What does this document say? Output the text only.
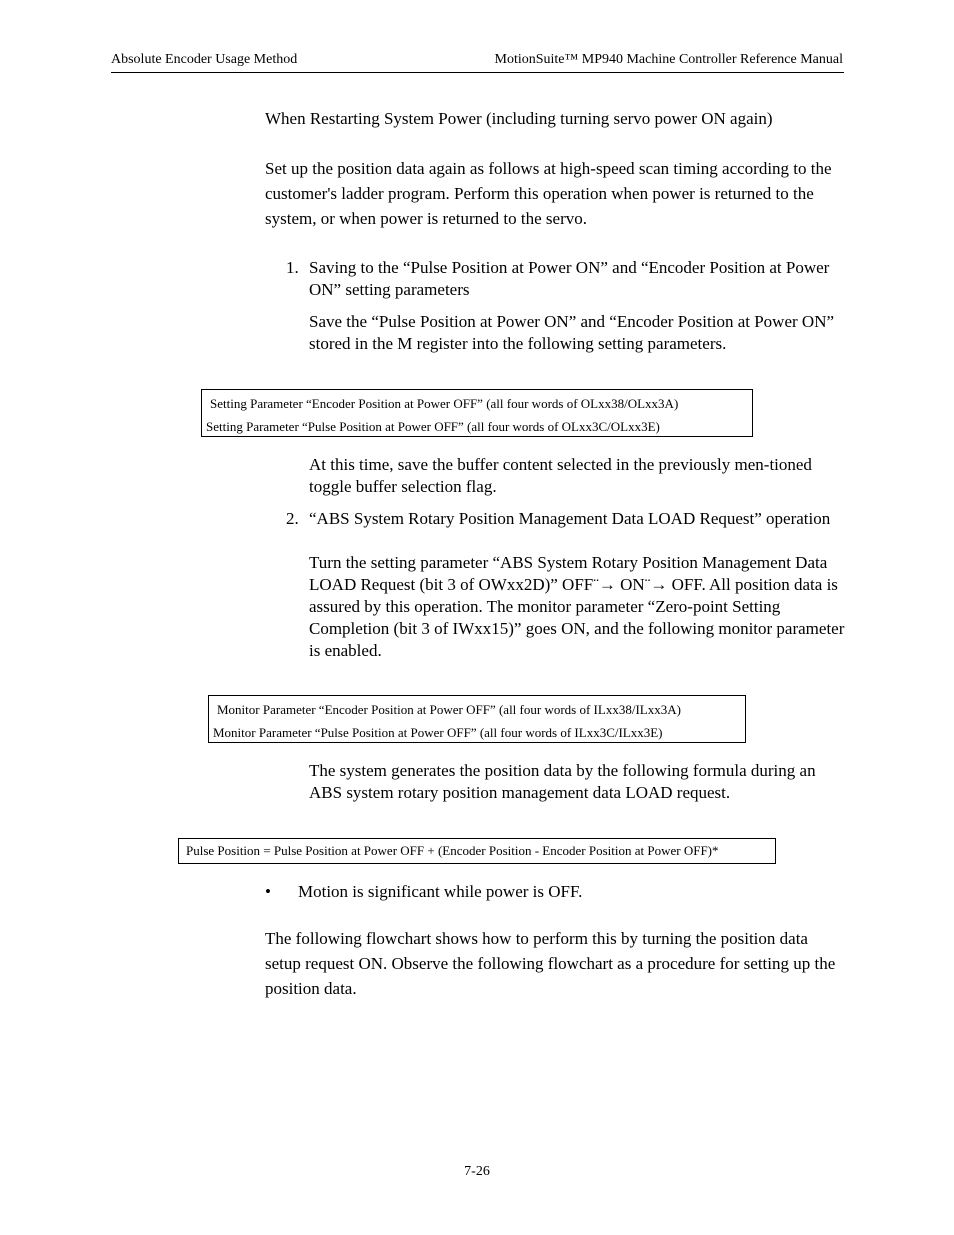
Absolute Encoder Usage Method	MotionSuite™ MP940 Machine Controller Reference Manual
When Restarting System Power (including turning servo power ON again)
Set up the position data again as follows at high-speed scan timing according to the customer's ladder program. Perform this operation when power is returned to the system, or when power is returned to the servo.
1. Saving to the “Pulse Position at Power ON” and “Encoder Position at Power ON” setting parameters
Save the “Pulse Position at Power ON” and “Encoder Position at Power ON” stored in the M register into the following setting parameters.
Setting Parameter “Encoder Position at Power OFF” (all four words of OLxx38/OLxx3A)
Setting Parameter “Pulse Position at Power OFF” (all four words of OLxx3C/OLxx3E)
At this time, save the buffer content selected in the previously men-tioned toggle buffer selection flag.
2. “ABS System Rotary Position Management Data LOAD Request” operation
Turn the setting parameter “ABS System Rotary Position Management Data LOAD Request (bit 3 of OWxx2D)” OFF¨→ ON¨→ OFF. All position data is assured by this operation. The monitor parameter “Zero-point Setting Completion (bit 3 of IWxx15)” goes ON, and the following monitor parameter is enabled.
Monitor Parameter “Encoder Position at Power OFF” (all four words of ILxx38/ILxx3A)
Monitor Parameter “Pulse Position at Power OFF” (all four words of ILxx3C/ILxx3E)
The system generates the position data by the following formula during an ABS system rotary position management data LOAD request.
Pulse Position = Pulse Position at Power OFF + (Encoder Position - Encoder Position at Power OFF)*
• Motion is significant while power is OFF.
The following flowchart shows how to perform this by turning the position data setup request ON. Observe the following flowchart as a procedure for setting up the position data.
7-26
